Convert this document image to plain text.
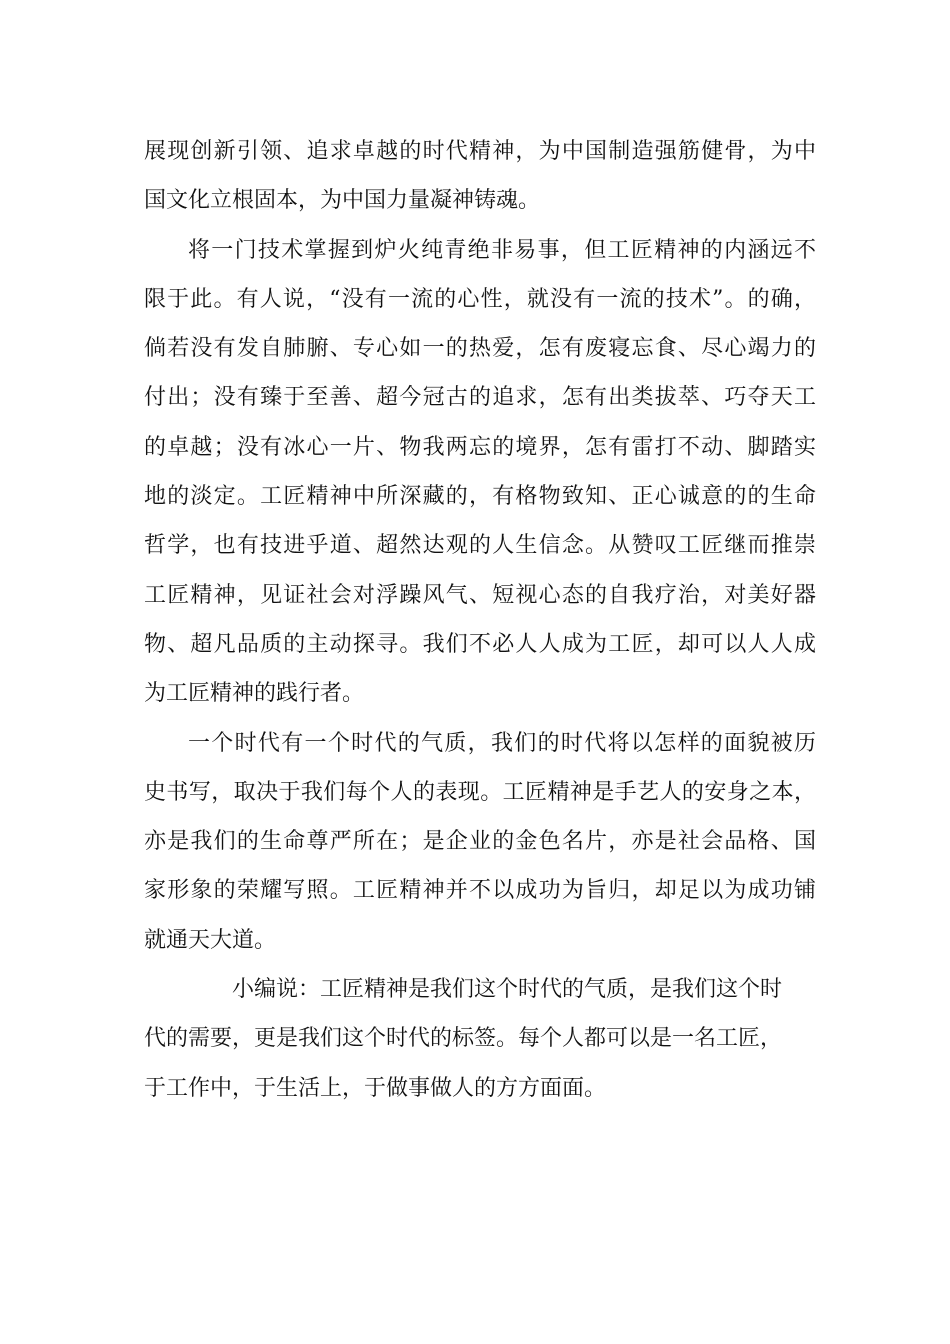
展现创新引领、追求卓越的时代精神，为中国制造强筋健骨，为中
国文化立根固本，为中国力量凝神铸魂。
将一门技术掌握到炉火纯青绝非易事，但工匠精神的内涵远不
限于此。有人说，“没有一流的心性，就没有一流的技术”。的确，
倘若没有发自肺腑、专心如一的热爱，怎有废寝忘食、尽心竭力的
付出；没有臻于至善、超今冠古的追求，怎有出类拔萃、巧夺天工
的卓越；没有冰心一片、物我两忘的境界，怎有雷打不动、脚踏实
地的淡定。工匠精神中所深藏的，有格物致知、正心诚意的的生命
哲学，也有技进乎道、超然达观的人生信念。从赞叹工匠继而推崇
工匠精神，见证社会对浮躁风气、短视心态的自我疗治，对美好器
物、超凡品质的主动探寻。我们不必人人成为工匠，却可以人人成
为工匠精神的践行者。
一个时代有一个时代的气质，我们的时代将以怎样的面貌被历
史书写，取决于我们每个人的表现。工匠精神是手艺人的安身之本，
亦是我们的生命尊严所在；是企业的金色名片，亦是社会品格、国
家形象的荣耀写照。工匠精神并不以成功为旨归，却足以为成功铺
就通天大道。
小编说：工匠精神是我们这个时代的气质，是我们这个时
代的需要，更是我们这个时代的标签。每个人都可以是一名工匠，
于工作中，于生活上，于做事做人的方方面面。
